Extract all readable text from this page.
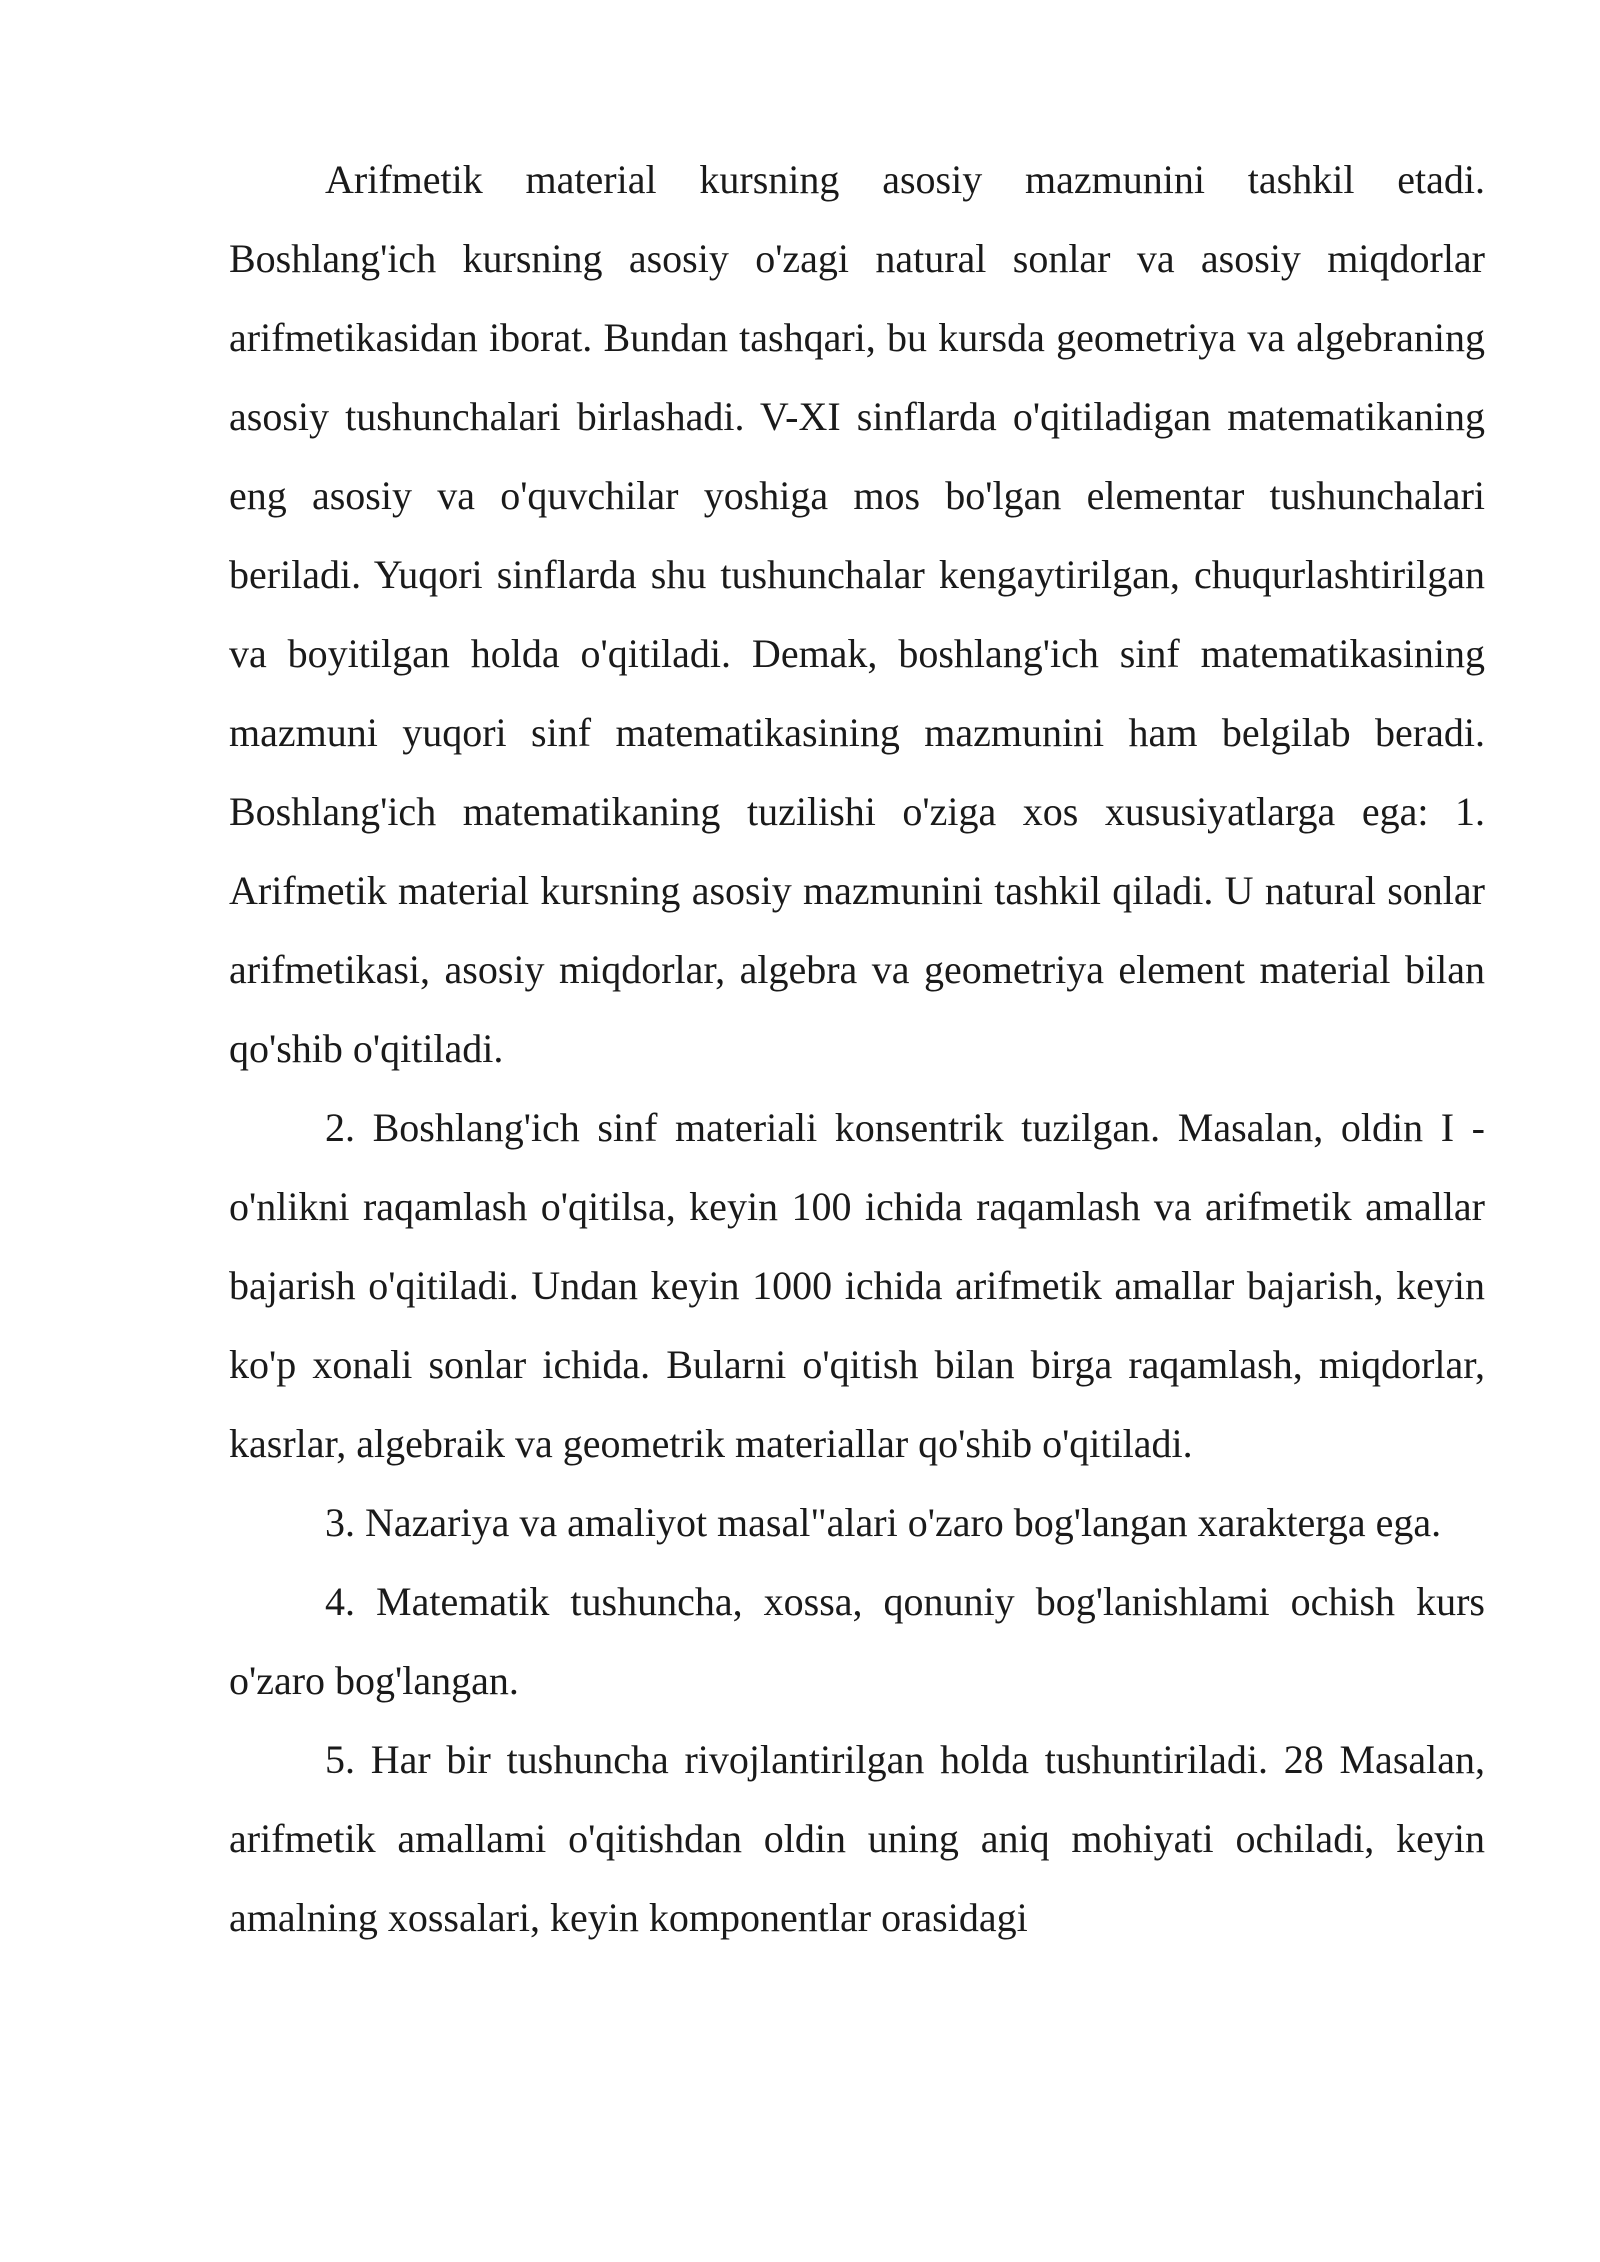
Arifmetik material kursning asosiy mazmunini tashkil etadi. Boshlang'ich kursning asosiy o'zagi natural sonlar va asosiy miqdorlar arifmetikasidan iborat. Bundan tashqari, bu kursda geometriya va algebraning asosiy tushunchalari birlashadi. V-XI sinflarda o'qitiladigan matematikaning eng asosiy va o'quvchilar yoshiga mos bo'lgan elementar tushunchalari beriladi. Yuqori sinflarda shu tushunchalar kengaytirilgan, chuqurlashtirilgan va boyitilgan holda o'qitiladi. Demak, boshlang'ich sinf matematikasining mazmuni yuqori sinf matematikasining mazmunini ham belgilab beradi. Boshlang'ich matematikaning tuzilishi o'ziga xos xususiyatlarga ega: 1. Arifmetik material kursning asosiy mazmunini tashkil qiladi. U natural sonlar arifmetikasi, asosiy miqdorlar, algebra va geometriya element material bilan qo'shib o'qitiladi.

2. Boshlang'ich sinf materiali konsentrik tuzilgan. Masalan, oldin I - o'nlikni raqamlash o'qitilsa, keyin 100 ichida raqamlash va arifmetik amallar bajarish o'qitiladi. Undan keyin 1000 ichida arifmetik amallar bajarish, keyin ko'p xonali sonlar ichida. Bularni o'qitish bilan birga raqamlash, miqdorlar, kasrlar, algebraik va geometrik materiallar qo'shib o'qitiladi.

3. Nazariya va amaliyot masal"alari o'zaro bog'langan xarakterga ega.

4. Matematik tushuncha, xossa, qonuniy bog'lanishlami ochish kurs o'zaro bog'langan.

5. Har bir tushuncha rivojlantirilgan holda tushuntiriladi. 28 Masalan, arifmetik amallami o'qitishdan oldin uning aniq mohiyati ochiladi, keyin amalning xossalari, keyin komponentlar orasidagi
